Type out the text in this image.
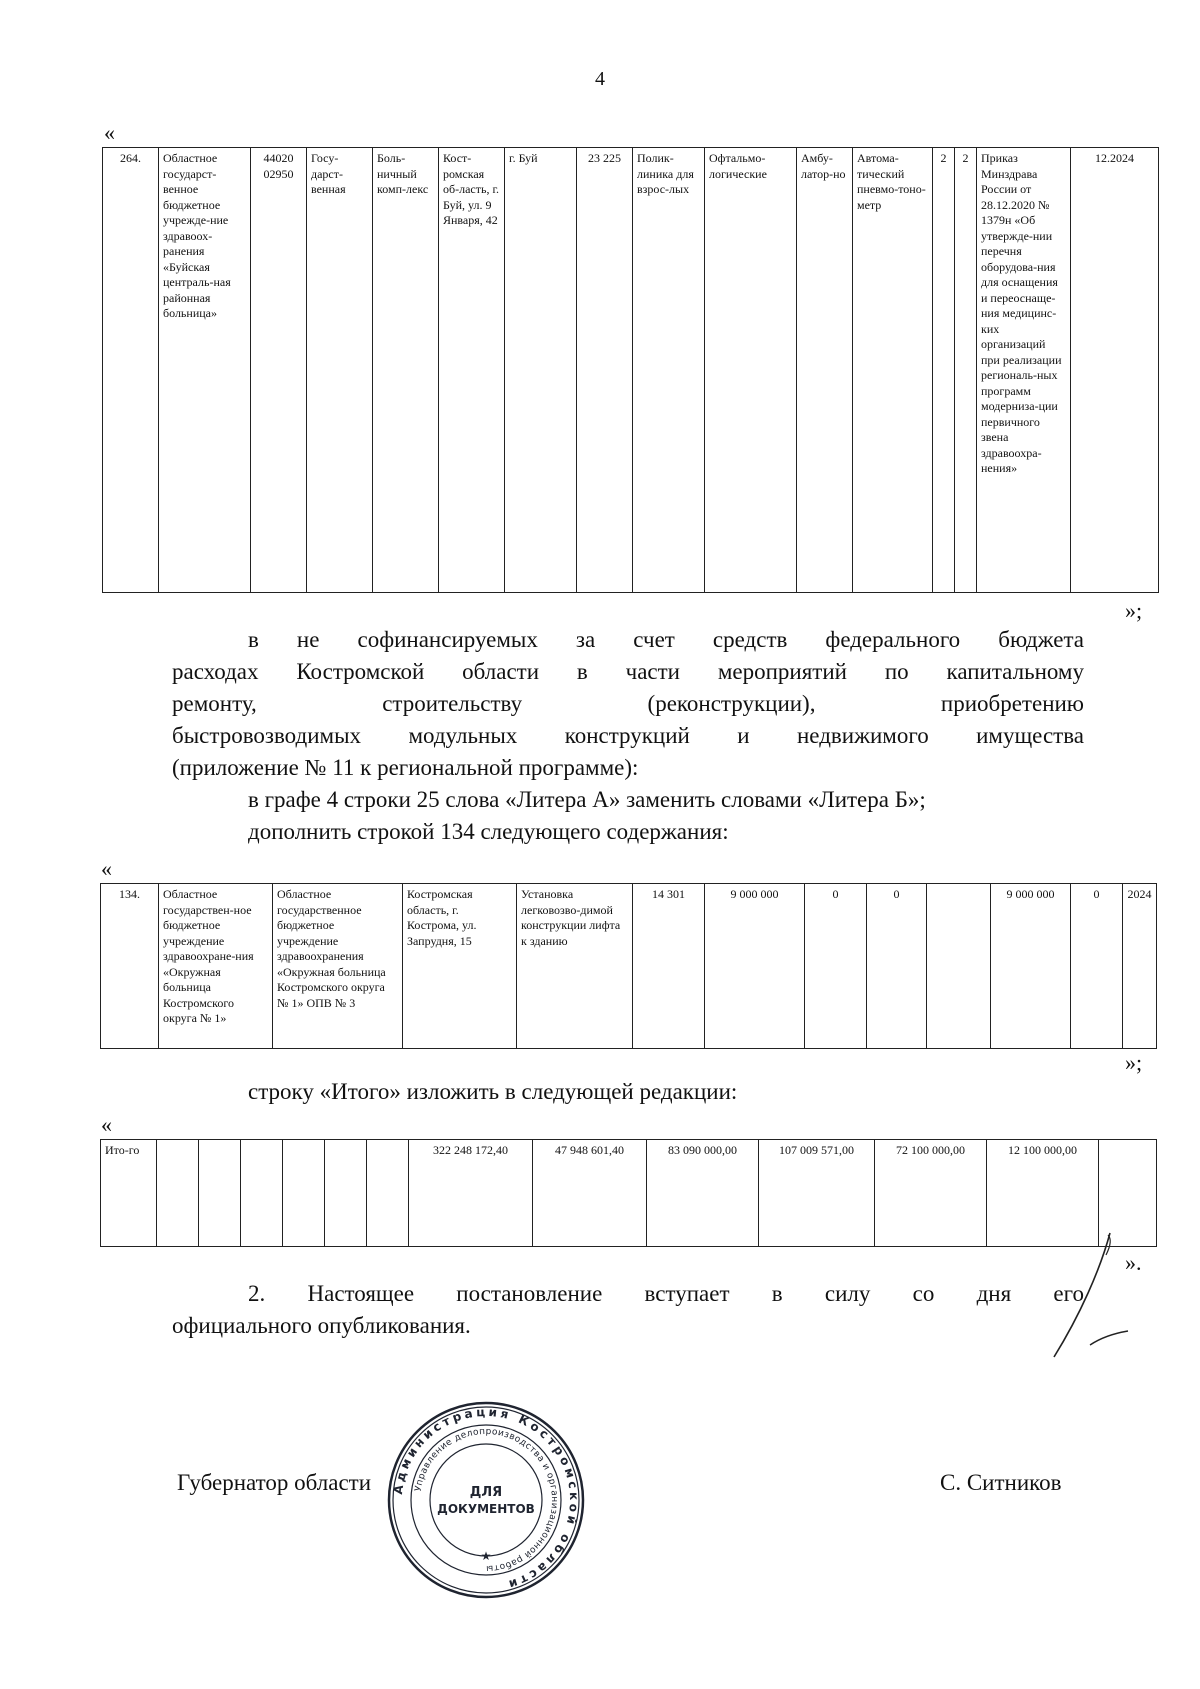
4
«
264.	Областное государст-венное бюджетное учрежде-ние здравоох-ранения «Буйская централь-ная районная больница»	44020 02950	Госу-дарст-венная	Боль-ничный комп-лекс	Кост-ромская об-ласть, г. Буй, ул. 9 Января, 42	г. Буй	23 225	Полик-линика для взрос-лых	Офтальмо-логические	Амбу-латор-но	Автома-тический пневмо-тоно-метр	2	2	Приказ Минздрава России от 28.12.2020 № 1379н «Об утвержде-нии перечня оборудова-ния для оснащения и переоснаще-ния медицинс-ких организаций при реализации региональ-ных программ модерниза-ции первичного звена здравоохра-нения»	12.2024
»;
в не софинансируемых за счет средств федерального бюджета
расходах Костромской области в части мероприятий по капитальному
ремонту, строительству (реконструкции), приобретению
быстровозводимых модульных конструкций и недвижимого имущества
(приложение № 11 к региональной программе):
в графе 4 строки 25 слова «Литера А» заменить словами «Литера Б»;
дополнить строкой 134 следующего содержания:
«
134.	Областное государствен-ное бюджетное учреждение здравоохране-ния «Окружная больница Костромского округа № 1»	Областное государственное бюджетное учреждение здравоохранения «Окружная больница Костромского округа № 1» ОПВ № 3	Костромская область, г. Кострома, ул. Запрудня, 15	Установка легковозво-димой конструкции лифта к зданию	14 301	9 000 000	0	0		9 000 000	0	2024
»;
строку «Итого» изложить в следующей редакции:
«
Ито-го							322 248 172,40	47 948 601,40	83 090 000,00	107 009 571,00	72 100 000,00	12 100 000,00	
».
2. Настоящее постановление вступает в силу со дня его
официального опубликования.
Губернатор области	С. Ситников
Администрация Костромской области
Управление делопроизводства и организационной работы
ДЛЯ
ДОКУМЕНТОВ
★
